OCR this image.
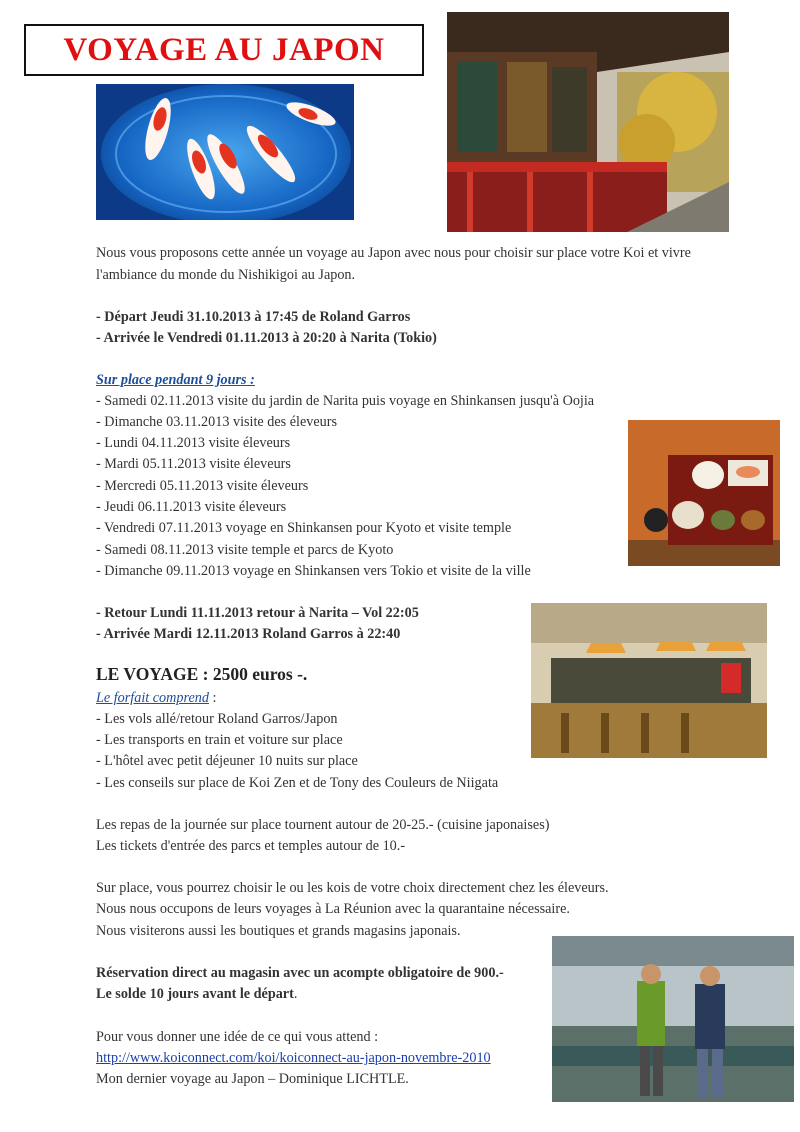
VOYAGE AU JAPON
Nous vous proposons cette année un voyage au Japon avec nous pour choisir sur place votre Koi et vivre
l'ambiance du monde du Nishikigoi au Japon.
- Départ Jeudi 31.10.2013 à 17:45 de Roland Garros
- Arrivée le Vendredi 01.11.2013 à 20:20 à Narita (Tokio)
Sur place pendant 9 jours :
- Samedi 02.11.2013 visite du jardin de Narita puis voyage en Shinkansen jusqu'à Oojia
- Dimanche 03.11.2013 visite des éleveurs
- Lundi 04.11.2013 visite éleveurs
- Mardi 05.11.2013 visite éleveurs
- Mercredi 05.11.2013 visite éleveurs
- Jeudi 06.11.2013 visite éleveurs
- Vendredi 07.11.2013 voyage en Shinkansen pour Kyoto et visite temple
- Samedi 08.11.2013 visite temple et parcs de Kyoto
- Dimanche 09.11.2013 voyage en Shinkansen vers Tokio et visite de la ville
- Retour Lundi 11.11.2013 retour à Narita – Vol 22:05
- Arrivée Mardi 12.11.2013 Roland Garros à 22:40
LE VOYAGE : 2500 euros -.
Le forfait comprend :
- Les vols allé/retour Roland Garros/Japon
- Les transports en train et voiture sur place
- L'hôtel avec petit déjeuner 10 nuits sur place
- Les conseils sur place de Koi Zen et de Tony des Couleurs de Niigata
Les repas de la journée sur place tournent autour de 20-25.- (cuisine japonaises)
Les tickets d'entrée des parcs et temples autour de 10.-
Sur place, vous pourrez choisir le ou les kois de votre choix directement chez les éleveurs.
Nous nous occupons de leurs voyages à La Réunion avec la quarantaine nécessaire.
Nous visiterons aussi les boutiques et grands magasins japonais.
Réservation direct au magasin avec un acompte obligatoire de 900.-
Le solde 10 jours avant le départ.
Pour vous donner une idée de ce qui vous attend :
http://www.koiconnect.com/koi/koiconnect-au-japon-novembre-2010
Mon dernier voyage au Japon – Dominique LICHTLE.
